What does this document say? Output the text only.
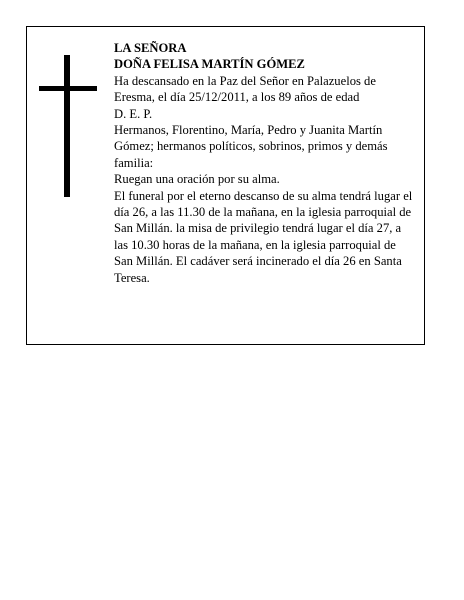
LA SEÑORA

DOÑA FELISA MARTÍN GÓMEZ

Ha descansado en la Paz del Señor en Palazuelos de Eresma, el día 25/12/2011, a los 89 años de edad

D. E. P.

Hermanos, Florentino, María, Pedro y Juanita Martín Gómez; hermanos políticos, sobrinos, primos y demás familia:

Ruegan una oración por su alma.

El funeral por el eterno descanso de su alma tendrá lugar el día 26, a las 11.30 de la mañana, en la iglesia parroquial de San Millán. la misa de privilegio tendrá lugar el día 27, a las 10.30 horas de la mañana, en la iglesia parroquial de San Millán. El cadáver será incinerado el día 26 en Santa Teresa.
